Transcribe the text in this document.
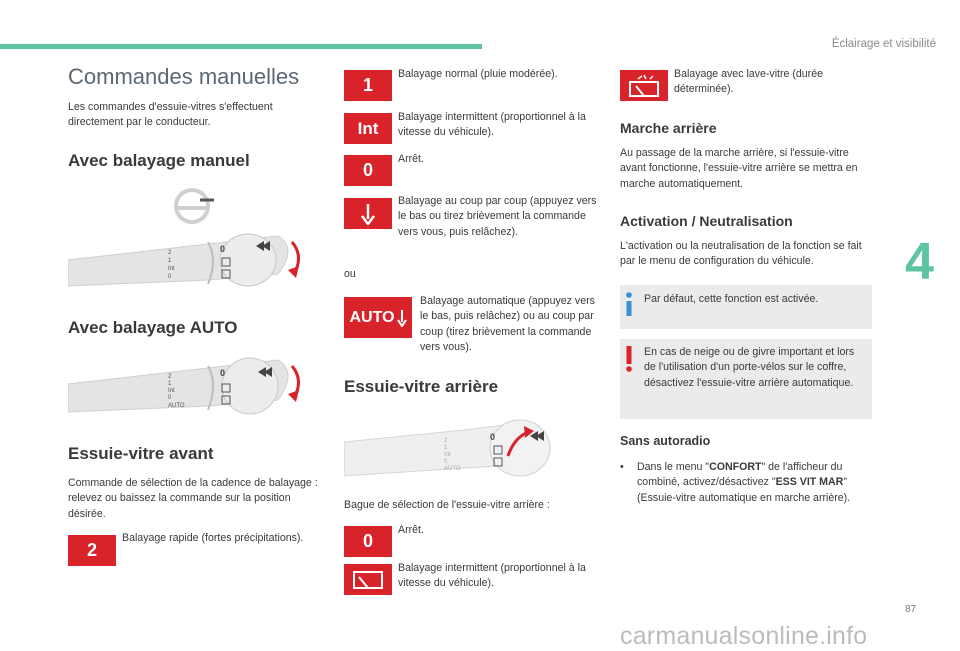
Éclairage et visibilité
4
87
Commandes manuelles
Les commandes d'essuie-vitres s'effectuent directement par le conducteur.
Avec balayage manuel
2
1
Int
0
0
Avec balayage AUTO
2
1
Int
0
AUTO
0
Essuie-vitre avant
Commande de sélection de la cadence de balayage : relevez ou baissez la commande sur la position désirée.
2
Balayage rapide (fortes précipitations).
1
Balayage normal (pluie modérée).
Int
Balayage intermittent (proportionnel à la vitesse du véhicule).
0
Arrêt.
Balayage au coup par coup (appuyez vers le bas ou tirez brièvement la commande vers vous, puis relâchez).
ou
AUTO
Balayage automatique (appuyez vers le bas, puis relâchez) ou au coup par coup (tirez brièvement la commande vers vous).
Essuie-vitre arrière
2
1
Int
0
AUTO
0
Bague de sélection de l'essuie-vitre arrière :
0
Arrêt.
Balayage intermittent (proportionnel à la vitesse du véhicule).
Balayage avec lave-vitre (durée déterminée).
Marche arrière
Au passage de la marche arrière, si l'essuie-vitre avant fonctionne, l'essuie-vitre arrière se mettra en marche automatiquement.
Activation / Neutralisation
L'activation ou la neutralisation de la fonction se fait par le menu de configuration du véhicule.
Par défaut, cette fonction est activée.
En cas de neige ou de givre important et lors de l'utilisation d'un porte-vélos sur le coffre, désactivez l'essuie-vitre arrière automatique.
Sans autoradio
•	Dans le menu "CONFORT" de l'afficheur du combiné, activez/désactivez "ESS VIT MAR" (Essuie-vitre automatique en marche arrière).
carmanualsonline.info
